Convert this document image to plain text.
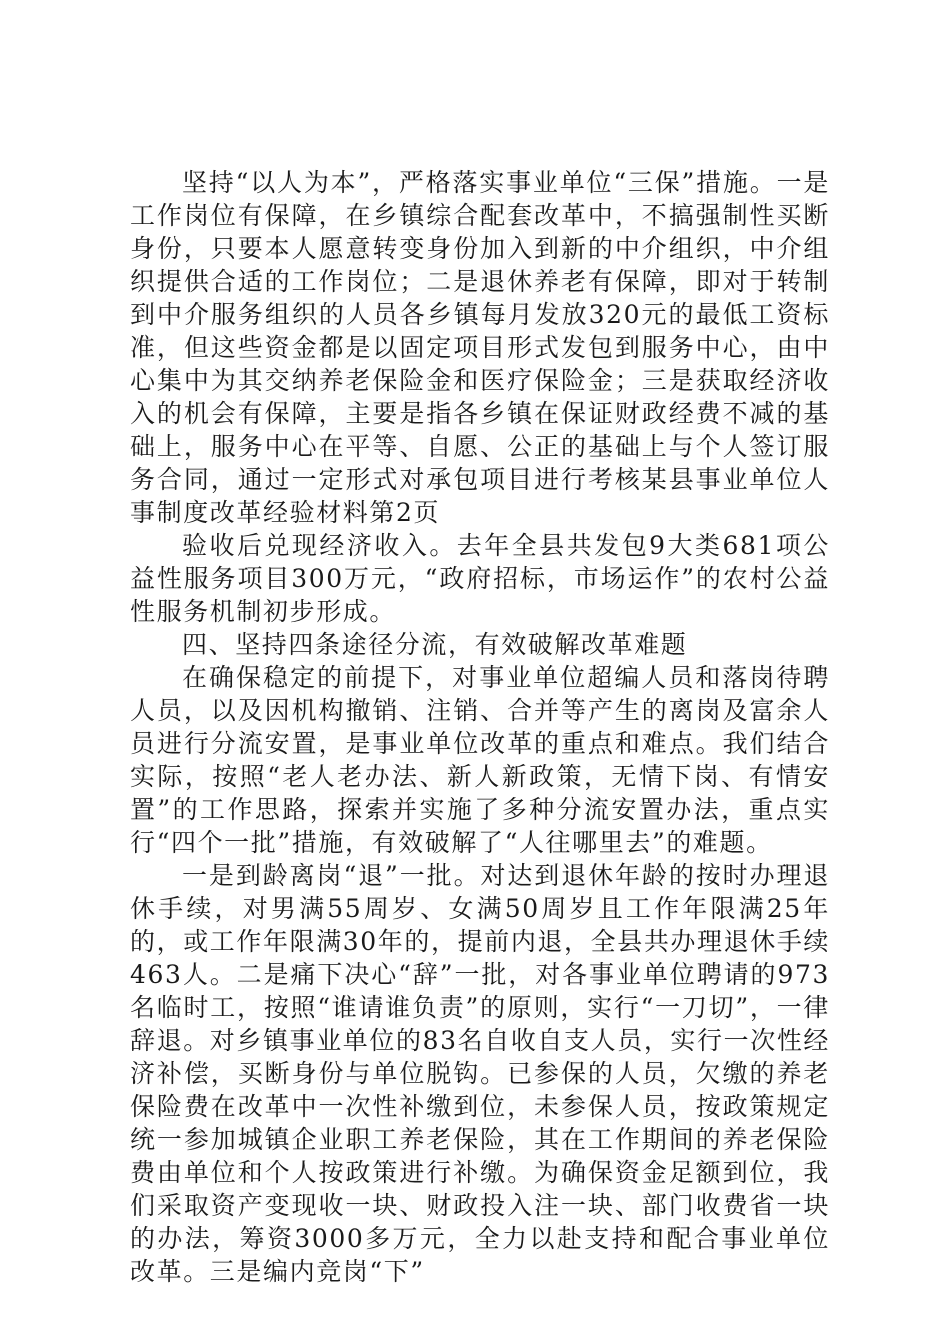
坚持“以人为本”，严格落实事业单位“三保”措施。一是工作岗位有保障，在乡镇综合配套改革中，不搞强制性买断身份，只要本人愿意转变身份加入到新的中介组织，中介组织提供合适的工作岗位；二是退休养老有保障，即对于转制到中介服务组织的人员各乡镇每月发放320元的最低工资标准，但这些资金都是以固定项目形式发包到服务中心，由中心集中为其交纳养老保险金和医疗保险金；三是获取经济收入的机会有保障，主要是指各乡镇在保证财政经费不减的基础上，服务中心在平等、自愿、公正的基础上与个人签订服务合同，通过一定形式对承包项目进行考核某县事业单位人事制度改革经验材料第2页

验收后兑现经济收入。去年全县共发包9大类681项公益性服务项目300万元，“政府招标，市场运作”的农村公益性服务机制初步形成。

四、坚持四条途径分流，有效破解改革难题

在确保稳定的前提下，对事业单位超编人员和落岗待聘人员，以及因机构撤销、注销、合并等产生的离岗及富余人员进行分流安置，是事业单位改革的重点和难点。我们结合实际，按照“老人老办法、新人新政策，无情下岗、有情安置”的工作思路，探索并实施了多种分流安置办法，重点实行“四个一批”措施，有效破解了“人往哪里去”的难题。

一是到龄离岗“退”一批。对达到退休年龄的按时办理退休手续，对男满55周岁、女满50周岁且工作年限满25年的，或工作年限满30年的，提前内退，全县共办理退休手续463人。二是痛下决心“辞”一批，对各事业单位聘请的973名临时工，按照“谁请谁负责”的原则，实行“一刀切”，一律辞退。对乡镇事业单位的83名自收自支人员，实行一次性经济补偿，买断身份与单位脱钩。已参保的人员，欠缴的养老保险费在改革中一次性补缴到位，未参保人员，按政策规定统一参加城镇企业职工养老保险，其在工作期间的养老保险费由单位和个人按政策进行补缴。为确保资金足额到位，我们采取资产变现收一块、财政投入注一块、部门收费省一块的办法，筹资3000多万元，全力以赴支持和配合事业单位改革。三是编内竞岗“下”
